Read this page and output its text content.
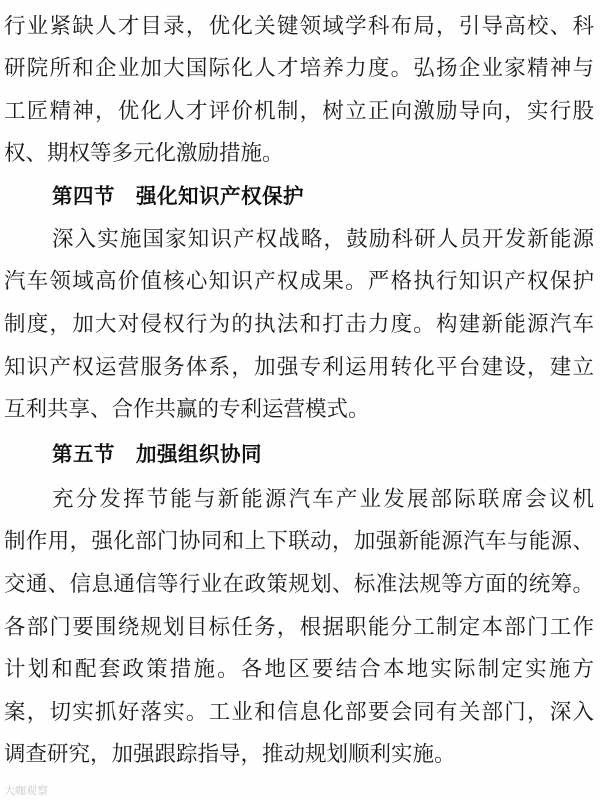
行业紧缺人才目录，优化关键领域学科布局，引导高校、科
研院所和企业加大国际化人才培养力度。弘扬企业家精神与
工匠精神，优化人才评价机制，树立正向激励导向，实行股
权、期权等多元化激励措施。
第四节　强化知识产权保护
深入实施国家知识产权战略，鼓励科研人员开发新能源
汽车领域高价值核心知识产权成果。严格执行知识产权保护
制度，加大对侵权行为的执法和打击力度。构建新能源汽车
知识产权运营服务体系，加强专利运用转化平台建设，建立
互利共享、合作共赢的专利运营模式。
第五节　加强组织协同
充分发挥节能与新能源汽车产业发展部际联席会议机
制作用，强化部门协同和上下联动，加强新能源汽车与能源、
交通、信息通信等行业在政策规划、标准法规等方面的统筹。
各部门要围绕规划目标任务，根据职能分工制定本部门工作
计划和配套政策措施。各地区要结合本地实际制定实施方
案，切实抓好落实。工业和信息化部要会同有关部门，深入
调查研究，加强跟踪指导，推动规划顺利实施。
大咖观察
